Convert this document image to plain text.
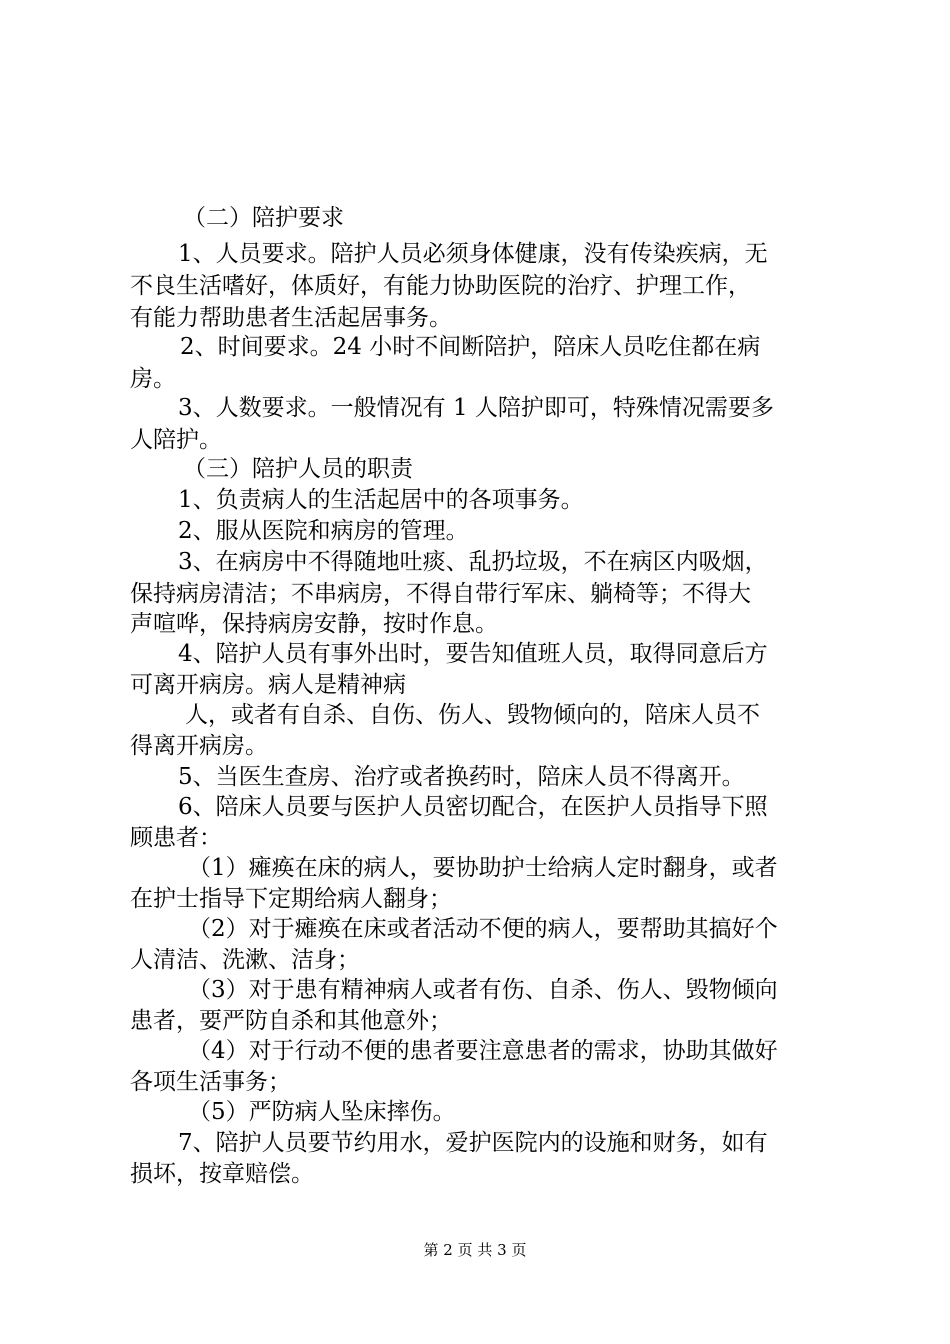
（二）陪护要求
1、人员要求。陪护人员必须身体健康，没有传染疾病，无
不良生活嗜好，体质好，有能力协助医院的治疗、护理工作，
有能力帮助患者生活起居事务。
2、时间要求。24 小时不间断陪护，陪床人员吃住都在病
房。
3、人数要求。一般情况有 1 人陪护即可，特殊情况需要多
人陪护。
（三）陪护人员的职责
1、负责病人的生活起居中的各项事务。
2、服从医院和病房的管理。
3、在病房中不得随地吐痰、乱扔垃圾，不在病区内吸烟，
保持病房清洁；不串病房，不得自带行军床、躺椅等；不得大
声喧哗，保持病房安静，按时作息。
4、陪护人员有事外出时，要告知值班人员，取得同意后方
可离开病房。病人是精神病
人，或者有自杀、自伤、伤人、毁物倾向的，陪床人员不
得离开病房。
5、当医生查房、治疗或者换药时，陪床人员不得离开。
6、陪床人员要与医护人员密切配合，在医护人员指导下照
顾患者：
（1）瘫痪在床的病人，要协助护士给病人定时翻身，或者
在护士指导下定期给病人翻身；
（2）对于瘫痪在床或者活动不便的病人，要帮助其搞好个
人清洁、洗漱、洁身；
（3）对于患有精神病人或者有伤、自杀、伤人、毁物倾向
患者，要严防自杀和其他意外；
（4）对于行动不便的患者要注意患者的需求，协助其做好
各项生活事务；
（5）严防病人坠床摔伤。
7、陪护人员要节约用水，爱护医院内的设施和财务，如有
损坏，按章赔偿。
第 2 页 共 3 页
